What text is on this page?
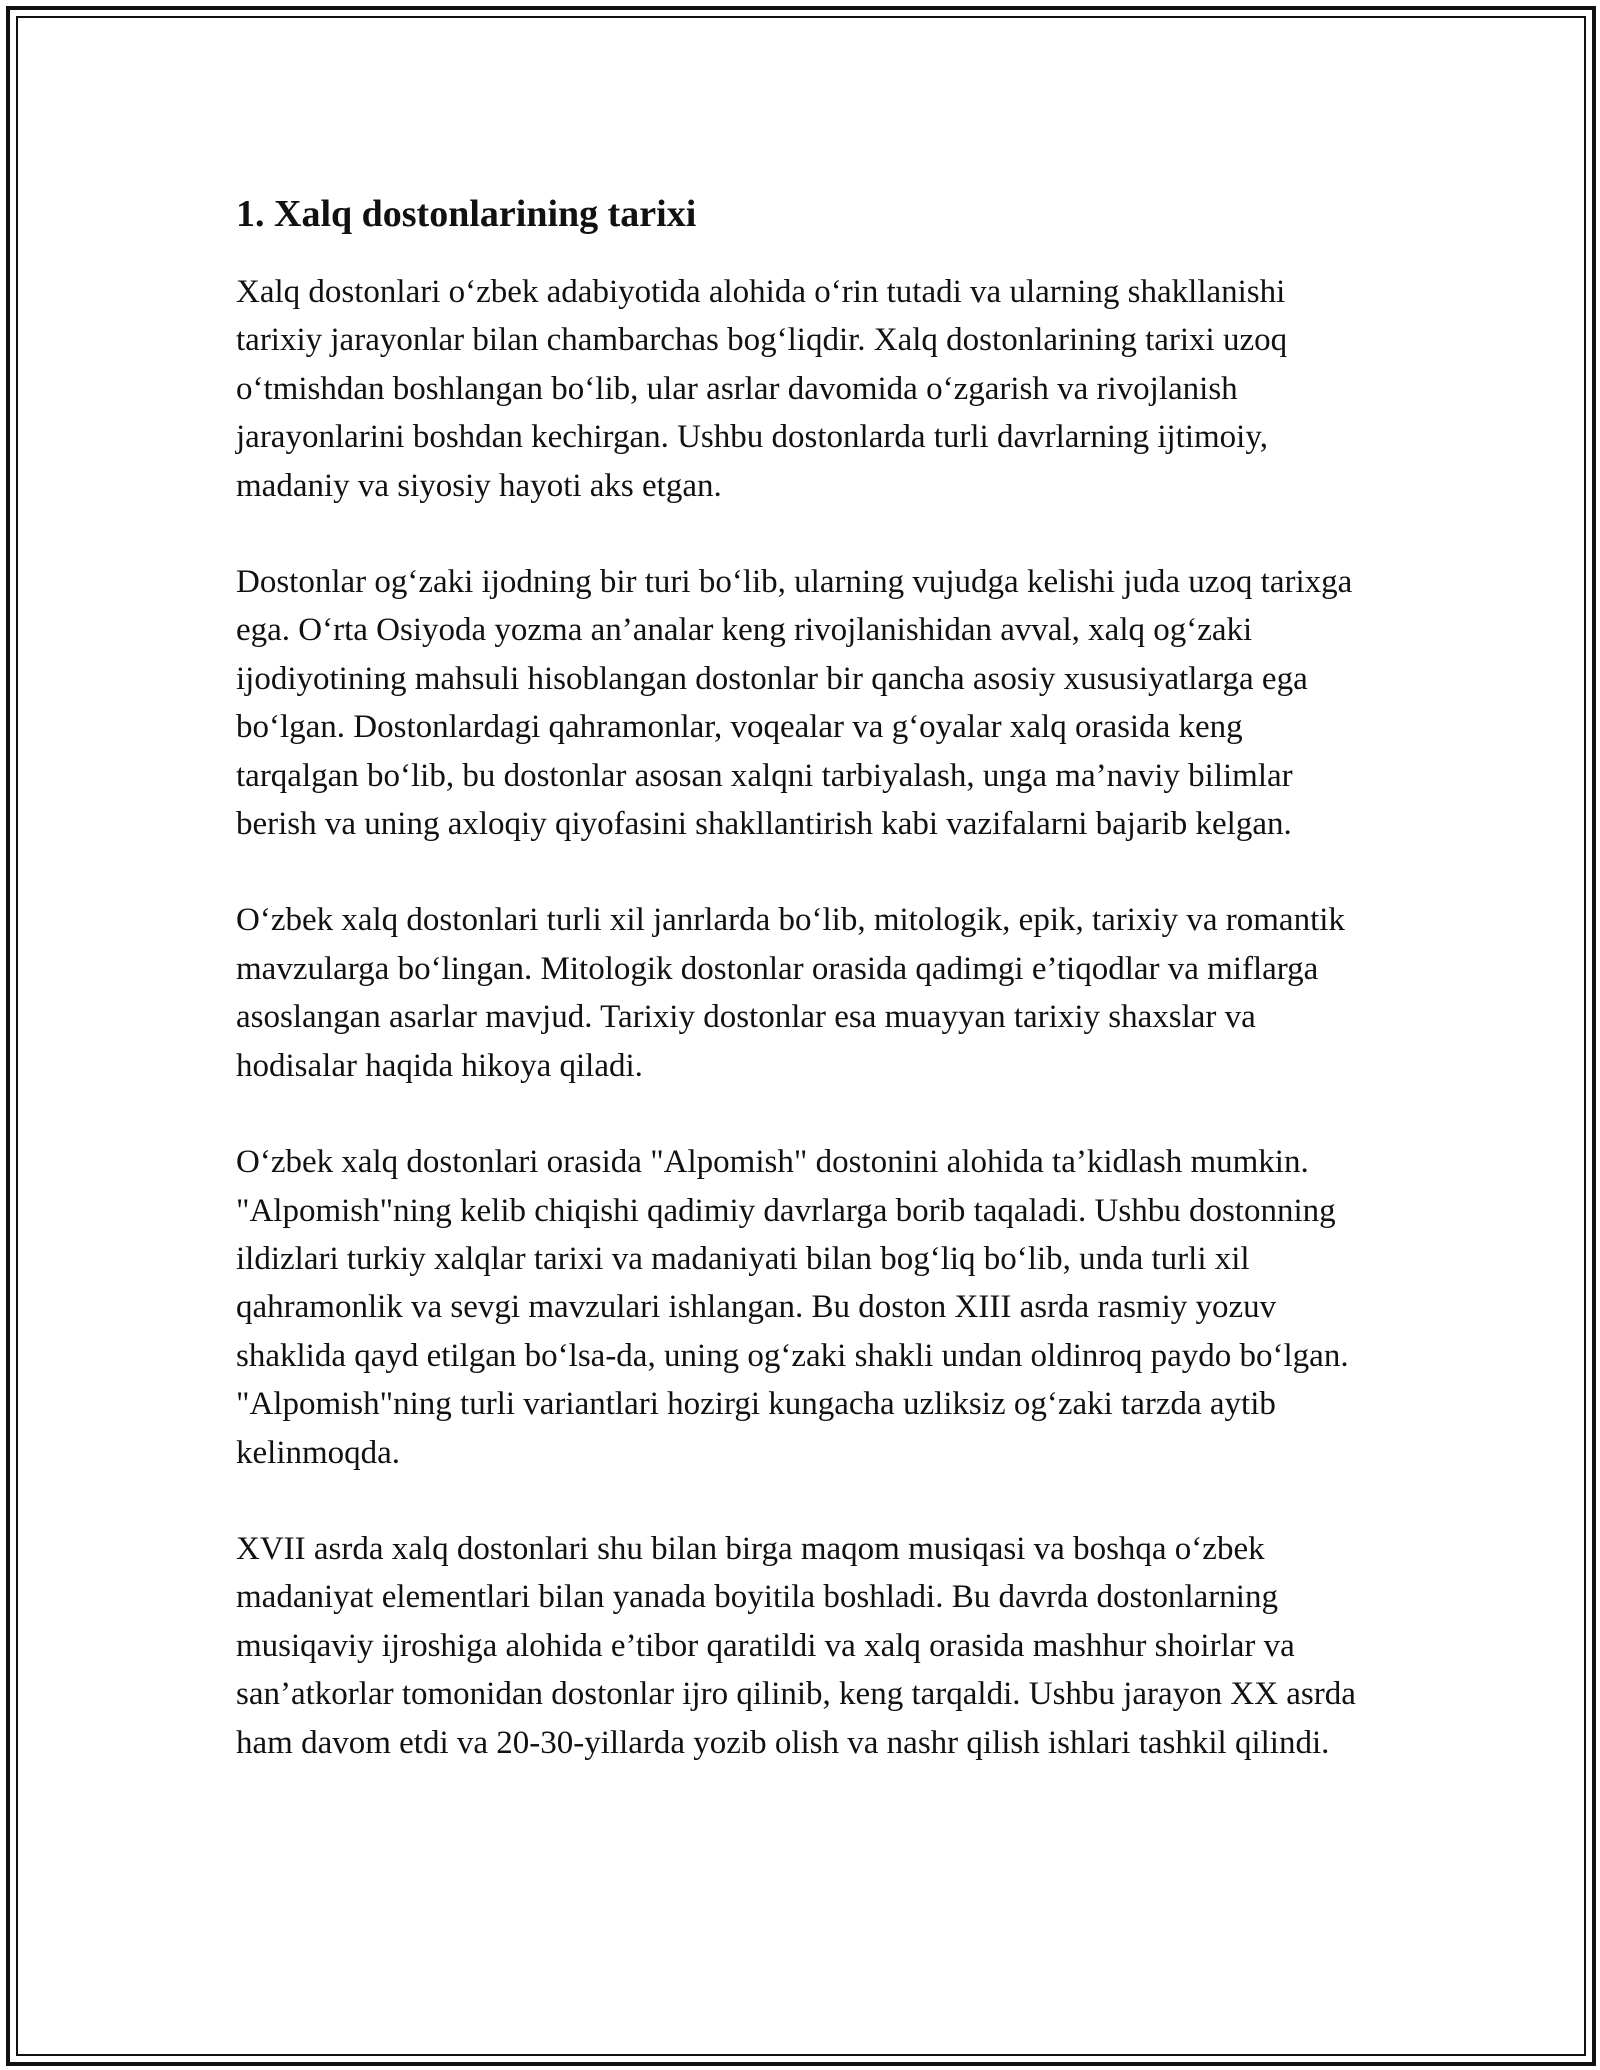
1. Xalq dostonlarining tarixi

Xalq dostonlari o‘zbek adabiyotida alohida o‘rin tutadi va ularning shakllanishi tarixiy jarayonlar bilan chambarchas bog‘liqdir. Xalq dostonlarining tarixi uzoq o‘tmishdan boshlangan bo‘lib, ular asrlar davomida o‘zgarish va rivojlanish jarayonlarini boshdan kechirgan. Ushbu dostonlarda turli davrlarning ijtimoiy, madaniy va siyosiy hayoti aks etgan.

Dostonlar og‘zaki ijodning bir turi bo‘lib, ularning vujudga kelishi juda uzoq tarixga ega. O‘rta Osiyoda yozma an’analar keng rivojlanishidan avval, xalq og‘zaki ijodiyotining mahsuli hisoblangan dostonlar bir qancha asosiy xususiyatlarga ega bo‘lgan. Dostonlardagi qahramonlar, voqealar va g‘oyalar xalq orasida keng tarqalgan bo‘lib, bu dostonlar asosan xalqni tarbiyalash, unga ma’naviy bilimlar berish va uning axloqiy qiyofasini shakllantirish kabi vazifalarni bajarib kelgan.

O‘zbek xalq dostonlari turli xil janrlarda bo‘lib, mitologik, epik, tarixiy va romantik mavzularga bo‘lingan. Mitologik dostonlar orasida qadimgi e’tiqodlar va miflarga asoslangan asarlar mavjud. Tarixiy dostonlar esa muayyan tarixiy shaxslar va hodisalar haqida hikoya qiladi.

O‘zbek xalq dostonlari orasida "Alpomish" dostonini alohida ta’kidlash mumkin. "Alpomish"ning kelib chiqishi qadimiy davrlarga borib taqaladi. Ushbu dostonning ildizlari turkiy xalqlar tarixi va madaniyati bilan bog‘liq bo‘lib, unda turli xil qahramonlik va sevgi mavzulari ishlangan. Bu doston XIII asrda rasmiy yozuv shaklida qayd etilgan bo‘lsa-da, uning og‘zaki shakli undan oldinroq paydo bo‘lgan. "Alpomish"ning turli variantlari hozirgi kungacha uzliksiz og‘zaki tarzda aytib kelinmoqda.

XVII asrda xalq dostonlari shu bilan birga maqom musiqasi va boshqa o‘zbek madaniyat elementlari bilan yanada boyitila boshladi. Bu davrda dostonlarning musiqaviy ijroshiga alohida e’tibor qaratildi va xalq orasida mashhur shoirlar va san’atkorlar tomonidan dostonlar ijro qilinib, keng tarqaldi. Ushbu jarayon XX asrda ham davom etdi va 20-30-yillarda yozib olish va nashr qilish ishlari tashkil qilindi.
